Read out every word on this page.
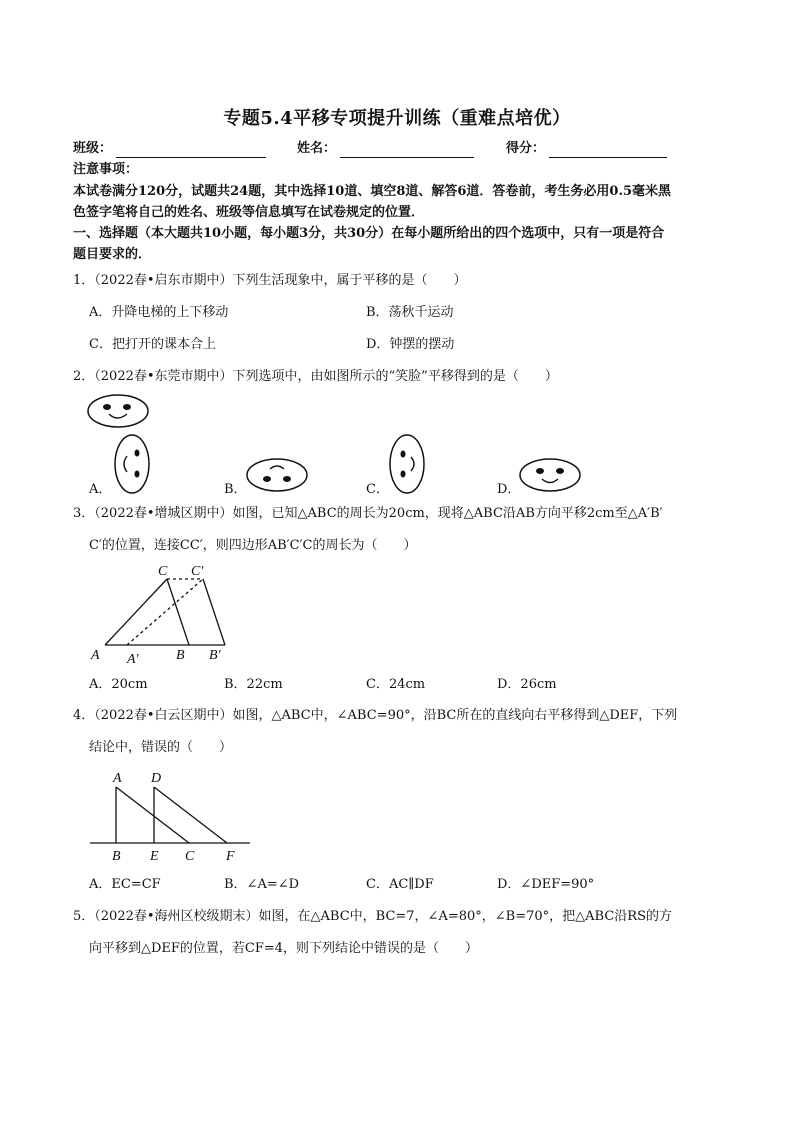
专题5.4平移专项提升训练（重难点培优）
班级：	姓名：	得分：
注意事项：
本试卷满分120分，试题共24题，其中选择10道、填空8道、解答6道．答卷前，考生务必用0.5毫米黑
色签字笔将自己的姓名、班级等信息填写在试卷规定的位置．
一、选择题（本大题共10小题，每小题3分，共30分）在每小题所给出的四个选项中，只有一项是符合
题目要求的．
1．（2022春•启东市期中）下列生活现象中，属于平移的是（　　）
A．升降电梯的上下移动	B．荡秋千运动
C．把打开的课本合上	D．钟摆的摆动
2．（2022春•东莞市期中）下列选项中，由如图所示的“笑脸”平移得到的是（　　）
A．	B．	C．	D．
3．（2022春•增城区期中）如图，已知△ABC的周长为20cm，现将△ABC沿AB方向平移2cm至△A′B′
C′的位置，连接CC′，则四边形AB′C′C的周长为（　　）
C C′
A A′	B B′
A．20cm	B．22cm	C．24cm	D．26cm
4．（2022春•白云区期中）如图，△ABC中，∠ABC=90°，沿BC所在的直线向右平移得到△DEF，下列
结论中，错误的（　　）
A D
B E C F
A．EC=CF	B．∠A=∠D	C．AC∥DF	D．∠DEF=90°
5．（2022春•海州区校级期末）如图，在△ABC中，BC=7，∠A=80°，∠B=70°，把△ABC沿RS的方
向平移到△DEF的位置，若CF=4，则下列结论中错误的是（　　）
